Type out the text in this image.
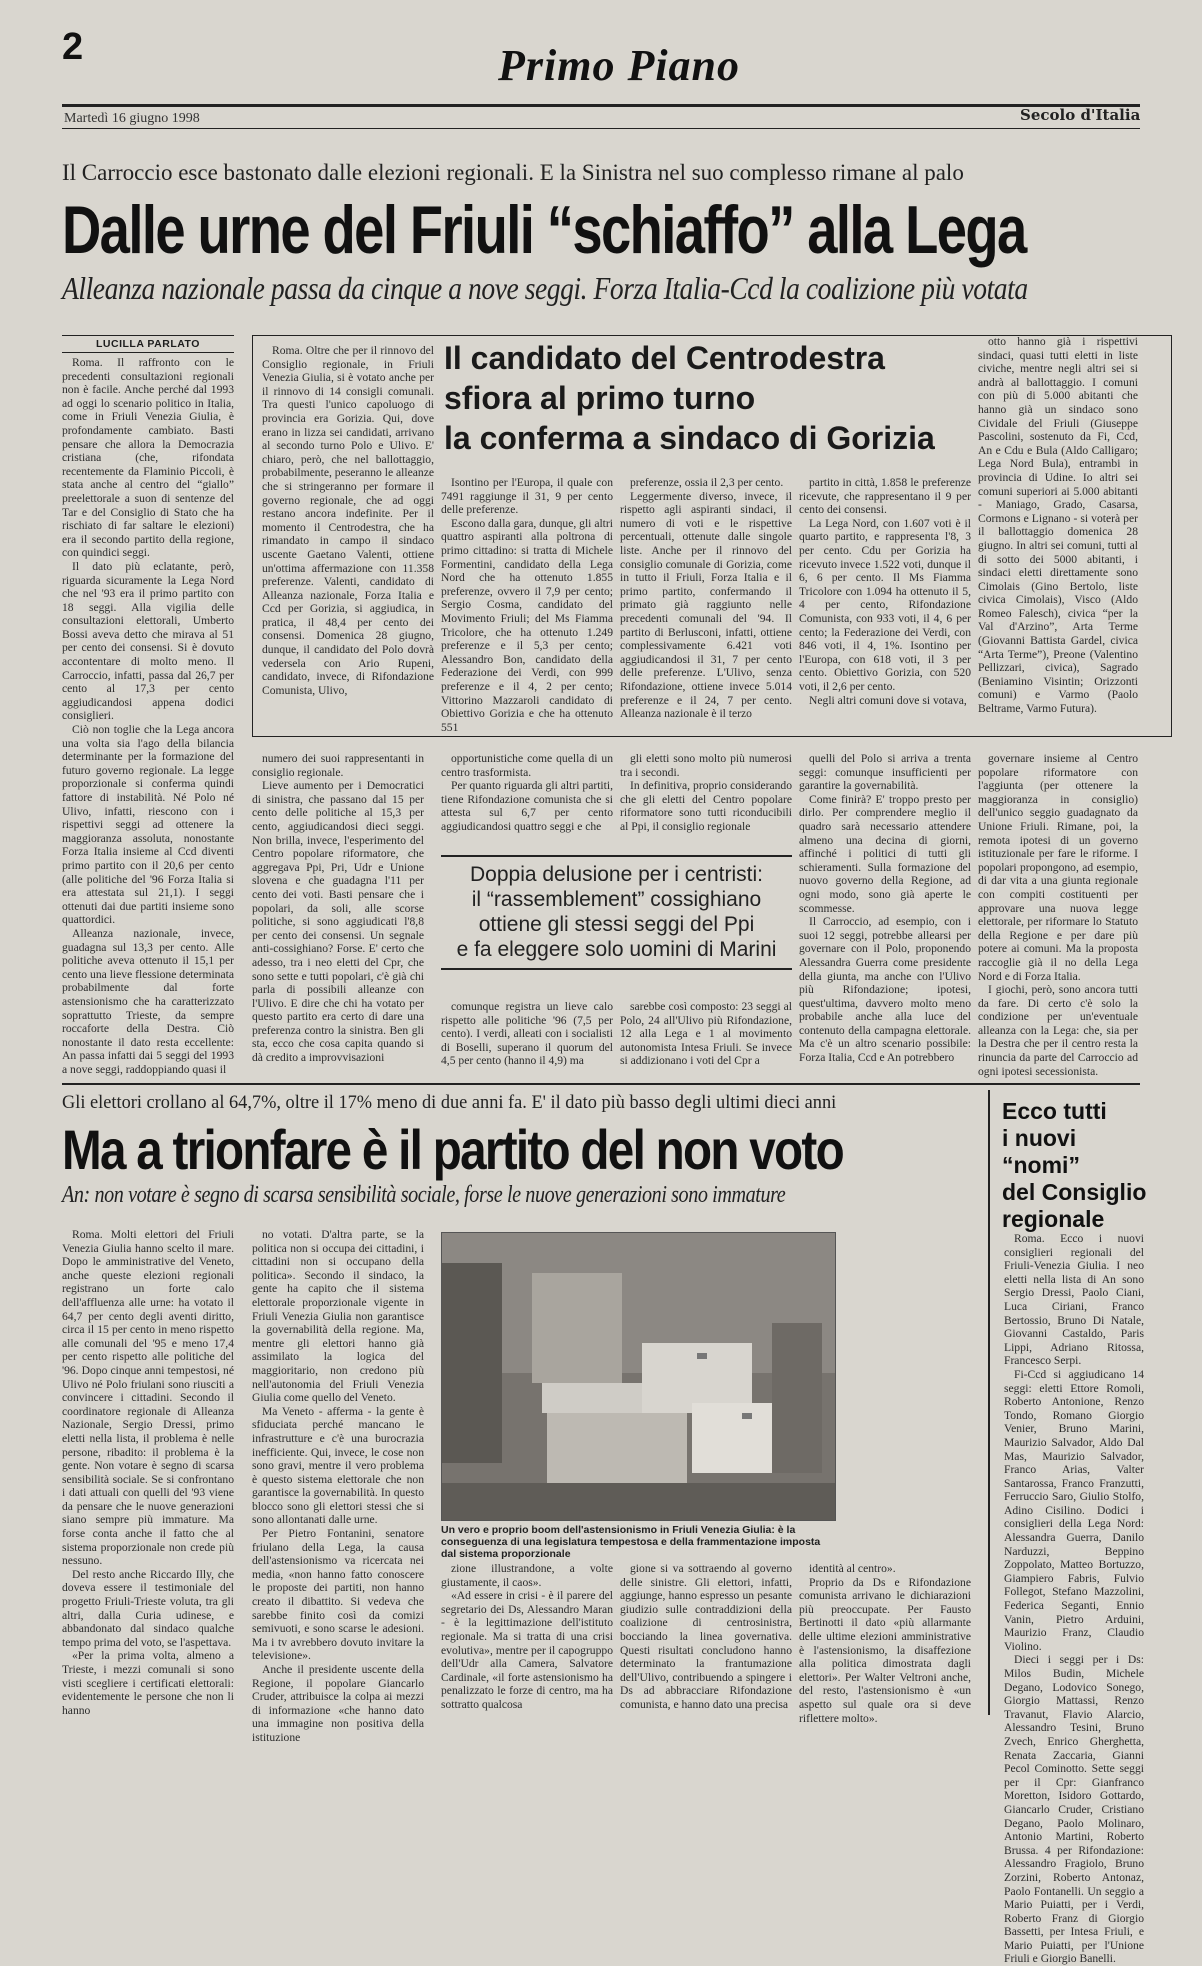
2	Primo Piano
Martedì 16 giugno 1998	Secolo d'Italia
Il Carroccio esce bastonato dalle elezioni regionali. E la Sinistra nel suo complesso rimane al palo
Dalle urne del Friuli “schiaffo” alla Lega
Alleanza nazionale passa da cinque a nove seggi. Forza Italia-Ccd la coalizione più votata
LUCILLA PARLATO

Roma. Il raffronto con le precedenti consultazioni regionali non è facile. Anche perché dal 1993 ad oggi lo scenario politico in Italia, come in Friuli Venezia Giulia, è profondamente cambiato. Basti pensare che allora la Democrazia cristiana (che, rifondata recentemente da Flaminio Piccoli, è stata anche al centro del “giallo” preelettorale a suon di sentenze del Tar e del Consiglio di Stato che ha rischiato di far saltare le elezioni) era il secondo partito della regione, con quindici seggi.

Il dato più eclatante, però, riguarda sicuramente la Lega Nord che nel '93 era il primo partito con 18 seggi. Alla vigilia delle consultazioni elettorali, Umberto Bossi aveva detto che mirava al 51 per cento dei consensi. Si è dovuto accontentare di molto meno. Il Carroccio, infatti, passa dal 26,7 per cento al 17,3 per cento aggiudicandosi appena dodici consiglieri.

Ciò non toglie che la Lega ancora una volta sia l'ago della bilancia determinante per la formazione del futuro governo regionale. La legge proporzionale si conferma quindi fattore di instabilità. Né Polo né Ulivo, infatti, riescono con i rispettivi seggi ad ottenere la maggioranza assoluta, nonostante Forza Italia insieme al Ccd diventi primo partito con il 20,6 per cento (alle politiche del '96 Forza Italia si era attestata sul 21,1). I seggi ottenuti dai due partiti insieme sono quattordici.

Alleanza nazionale, invece, guadagna sul 13,3 per cento. Alle politiche aveva ottenuto il 15,1 per cento una lieve flessione determinata probabilmente dal forte astensionismo che ha caratterizzato soprattutto Trieste, da sempre roccaforte della Destra. Ciò nonostante il dato resta eccellente: An passa infatti dai 5 seggi del 1993 a nove seggi, raddoppiando quasi il

Il candidato del Centrodestra
sfiora al primo turno
la conferma a sindaco di Gorizia

Roma. Oltre che per il rinnovo del Consiglio regionale, in Friuli Venezia Giulia, si è votato anche per il rinnovo di 14 consigli comunali. Tra questi l'unico capoluogo di provincia era Gorizia. Qui, dove erano in lizza sei candidati, arrivano al secondo turno Polo e Ulivo. E' chiaro, però, che nel ballottaggio, probabilmente, peseranno le alleanze che si stringeranno per formare il governo regionale, che ad oggi restano ancora indefinite. Per il momento il Centrodestra, che ha rimandato in campo il sindaco uscente Gaetano Valenti, ottiene un'ottima affermazione con 11.358 preferenze. Valenti, candidato di Alleanza nazionale, Forza Italia e Ccd per Gorizia, si aggiudica, in pratica, il 48,4 per cento dei consensi. Domenica 28 giugno, dunque, il candidato del Polo dovrà vedersela con Ario Rupeni, candidato, invece, di Rifondazione Comunista, Ulivo,

Isontino per l'Europa, il quale con 7491 raggiunge il 31, 9 per cento delle preferenze.

Escono dalla gara, dunque, gli altri quattro aspiranti alla poltrona di primo cittadino: si tratta di Michele Formentini, candidato della Lega Nord che ha ottenuto 1.855 preferenze, ovvero il 7,9 per cento; Sergio Cosma, candidato del Movimento Friuli; del Ms Fiamma Tricolore, che ha ottenuto 1.249 preferenze e il 5,3 per cento; Alessandro Bon, candidato della Federazione dei Verdi, con 999 preferenze e il 4, 2 per cento; Vittorino Mazzaroli candidato di Obiettivo Gorizia e che ha ottenuto 551

preferenze, ossia il 2,3 per cento.

Leggermente diverso, invece, il rispetto agli aspiranti sindaci, il numero di voti e le rispettive percentuali, ottenute dalle singole liste. Anche per il rinnovo del consiglio comunale di Gorizia, come in tutto il Friuli, Forza Italia e il primo partito, confermando il primato già raggiunto nelle precedenti comunali del '94. Il partito di Berlusconi, infatti, ottiene complessivamente 6.421 voti aggiudicandosi il 31, 7 per cento delle preferenze. L'Ulivo, senza Rifondazione, ottiene invece 5.014 preferenze e il 24, 7 per cento. Alleanza nazionale è il terzo

partito in città, 1.858 le preferenze ricevute, che rappresentano il 9 per cento dei consensi.

La Lega Nord, con 1.607 voti è il quarto partito, e rappresenta l'8, 3 per cento. Cdu per Gorizia ha ricevuto invece 1.522 voti, dunque il 6, 6 per cento. Il Ms Fiamma Tricolore con 1.094 ha ottenuto il 5, 4 per cento, Rifondazione Comunista, con 933 voti, il 4, 6 per cento; la Federazione dei Verdi, con 846 voti, il 4, 1%. Isontino per l'Europa, con 618 voti, il 3 per cento. Obiettivo Gorizia, con 520 voti, il 2,6 per cento.

Negli altri comuni dove si votava,

otto hanno già i rispettivi sindaci, quasi tutti eletti in liste civiche, mentre negli altri sei si andrà al ballottaggio. I comuni con più di 5.000 abitanti che hanno già un sindaco sono Cividale del Friuli (Giuseppe Pascolini, sostenuto da Fi, Ccd, An e Cdu e Bula (Aldo Calligaro; Lega Nord Bula), entrambi in provincia di Udine. Io altri sei comuni superiori ai 5.000 abitanti - Maniago, Grado, Casarsa, Cormons e Lignano - si voterà per il ballottaggio domenica 28 giugno. In altri sei comuni, tutti al di sotto dei 5000 abitanti, i sindaci eletti direttamente sono Cimolais (Gino Bertolo, liste civica Cimolais), Visco (Aldo Romeo Falesch), civica “per la Val d'Arzino”, Arta Terme (Giovanni Battista Gardel, civica “Arta Terme”), Preone (Valentino Pellizzari, civica), Sagrado (Beniamino Visintin; Orizzonti comuni) e Varmo (Paolo Beltrame, Varmo Futura).

numero dei suoi rappresentanti in consiglio regionale.

Lieve aumento per i Democratici di sinistra, che passano dal 15 per cento delle politiche al 15,3 per cento, aggiudicandosi dieci seggi. Non brilla, invece, l'esperimento del Centro popolare riformatore, che aggregava Ppi, Pri, Udr e Unione slovena e che guadagna l'11 per cento dei voti. Basti pensare che i popolari, da soli, alle scorse politiche, si sono aggiudicati l'8,8 per cento dei consensi. Un segnale anti-cossighiano? Forse. E' certo che adesso, tra i neo eletti del Cpr, che sono sette e tutti popolari, c'è già chi parla di possibili alleanze con l'Ulivo. E dire che chi ha votato per questo partito era certo di dare una preferenza contro la sinistra. Ben gli sta, ecco che cosa capita quando si dà credito a improvvisazioni

opportunistiche come quella di un centro trasformista.

Per quanto riguarda gli altri partiti, tiene Rifondazione comunista che si attesta sul 6,7 per cento aggiudicandosi quattro seggi e che

gli eletti sono molto più numerosi tra i secondi.

In definitiva, proprio considerando che gli eletti del Centro popolare riformatore sono tutti riconducibili al Ppi, il consiglio regionale

Doppia delusione per i centristi:
il “rassemblement” cossighiano
ottiene gli stessi seggi del Ppi
e fa eleggere solo uomini di Marini

comunque registra un lieve calo rispetto alle politiche '96 (7,5 per cento). I verdi, alleati con i socialisti di Boselli, superano il quorum del 4,5 per cento (hanno il 4,9) ma

sarebbe così composto: 23 seggi al Polo, 24 all'Ulivo più Rifondazione, 12 alla Lega e 1 al movimento autonomista Intesa Friuli. Se invece si addizionano i voti del Cpr a

quelli del Polo si arriva a trenta seggi: comunque insufficienti per garantire la governabilità.

Come finirà? E' troppo presto per dirlo. Per comprendere meglio il quadro sarà necessario attendere almeno una decina di giorni, affinché i politici di tutti gli schieramenti. Sulla formazione del nuovo governo della Regione, ad ogni modo, sono già aperte le scommesse.

Il Carroccio, ad esempio, con i suoi 12 seggi, potrebbe allearsi per governare con il Polo, proponendo Alessandra Guerra come presidente della giunta, ma anche con l'Ulivo più Rifondazione; ipotesi, quest'ultima, davvero molto meno probabile anche alla luce del contenuto della campagna elettorale. Ma c'è un altro scenario possibile: Forza Italia, Ccd e An potrebbero

governare insieme al Centro popolare riformatore con l'aggiunta (per ottenere la maggioranza in consiglio) dell'unico seggio guadagnato da Unione Friuli. Rimane, poi, la remota ipotesi di un governo istituzionale per fare le riforme. I popolari propongono, ad esempio, di dar vita a una giunta regionale con compiti costituenti per approvare una nuova legge elettorale, per riformare lo Statuto della Regione e per dare più potere ai comuni. Ma la proposta raccoglie già il no della Lega Nord e di Forza Italia.

I giochi, però, sono ancora tutti da fare. Di certo c'è solo la condizione per un'eventuale alleanza con la Lega: che, sia per la Destra che per il centro resta la rinuncia da parte del Carroccio ad ogni ipotesi secessionista.

Gli elettori crollano al 64,7%, oltre il 17% meno di due anni fa. E' il dato più basso degli ultimi dieci anni
Ma a trionfare è il partito del non voto
An: non votare è segno di scarsa sensibilità sociale, forse le nuove generazioni sono immature

Roma. Molti elettori del Friuli Venezia Giulia hanno scelto il mare. Dopo le amministrative del Veneto, anche queste elezioni regionali registrano un forte calo dell'affluenza alle urne: ha votato il 64,7 per cento degli aventi diritto, circa il 15 per cento in meno rispetto alle comunali del '95 e meno 17,4 per cento rispetto alle politiche del '96. Dopo cinque anni tempestosi, né Ulivo né Polo friulani sono riusciti a convincere i cittadini. Secondo il coordinatore regionale di Alleanza Nazionale, Sergio Dressi, primo eletti nella lista, il problema è nelle persone, ribadito: il problema è la gente. Non votare è segno di scarsa sensibilità sociale. Se si confrontano i dati attuali con quelli del '93 viene da pensare che le nuove generazioni siano sempre più immature. Ma forse conta anche il fatto che al sistema proporzionale non crede più nessuno.

Del resto anche Riccardo Illy, che doveva essere il testimoniale del progetto Friuli-Trieste voluta, tra gli altri, dalla Curia udinese, e abbandonato dal sindaco qualche tempo prima del voto, se l'aspettava.

«Per la prima volta, almeno a Trieste, i mezzi comunali si sono visti scegliere i certificati elettorali: evidentemente le persone che non li hanno

no votati. D'altra parte, se la politica non si occupa dei cittadini, i cittadini non si occupano della politica». Secondo il sindaco, la gente ha capito che il sistema elettorale proporzionale vigente in Friuli Venezia Giulia non garantisce la governabilità della regione. Ma, mentre gli elettori hanno già assimilato la logica del maggioritario, non credono più nell'autonomia del Friuli Venezia Giulia come quello del Veneto.

Ma Veneto - afferma - la gente è sfiduciata perché mancano le infrastrutture e c'è una burocrazia inefficiente. Qui, invece, le cose non sono gravi, mentre il vero problema è questo sistema elettorale che non garantisce la governabilità. In questo blocco sono gli elettori stessi che si sono allontanati dalle urne.

Per Pietro Fontanini, senatore friulano della Lega, la causa dell'astensionismo va ricercata nei media, «non hanno fatto conoscere le proposte dei partiti, non hanno creato il dibattito. Si vedeva che sarebbe finito così da comizi semivuoti, e sono scarse le adesioni. Ma i tv avrebbero dovuto invitare la televisione».

Anche il presidente uscente della Regione, il popolare Giancarlo Cruder, attribuisce la colpa ai mezzi di informazione «che hanno dato una immagine non positiva della istituzione

Un vero e proprio boom dell'astensionismo in Friuli Venezia Giulia: è la conseguenza di una legislatura tempestosa e della frammentazione imposta dal sistema proporzionale

zione illustrandone, a volte giustamente, il caos».

«Ad essere in crisi - è il parere del segretario dei Ds, Alessandro Maran - è la legittimazione dell'istituto regionale. Ma si tratta di una crisi evolutiva», mentre per il capogruppo dell'Udr alla Camera, Salvatore Cardinale, «il forte astensionismo ha penalizzato le forze di centro, ma ha sottratto qualcosa

gione si va sottraendo al governo delle sinistre. Gli elettori, infatti, aggiunge, hanno espresso un pesante giudizio sulle contraddizioni della coalizione di centrosinistra, bocciando la linea governativa. Questi risultati concludono hanno determinato la frantumazione dell'Ulivo, contribuendo a spingere i Ds ad abbracciare Rifondazione comunista, e hanno dato una precisa

identità al centro».

Proprio da Ds e Rifondazione comunista arrivano le dichiarazioni più preoccupate. Per Fausto Bertinotti il dato «più allarmante delle ultime elezioni amministrative è l'astensionismo, la disaffezione alla politica dimostrata dagli elettori». Per Walter Veltroni anche, del resto, l'astensionismo è «un aspetto sul quale ora si deve riflettere molto».

Ecco tutti
i nuovi “nomi”
del Consiglio
regionale

Roma. Ecco i nuovi consiglieri regionali del Friuli-Venezia Giulia. I neo eletti nella lista di An sono Sergio Dressi, Paolo Ciani, Luca Ciriani, Franco Bertossio, Bruno Di Natale, Giovanni Castaldo, Paris Lippi, Adriano Ritossa, Francesco Serpi.

Fi-Ccd si aggiudicano 14 seggi: eletti Ettore Romoli, Roberto Antonione, Renzo Tondo, Romano Giorgio Venier, Bruno Marini, Maurizio Salvador, Aldo Dal Mas, Maurizio Salvador, Franco Arias, Valter Santarossa, Franco Franzutti, Ferruccio Saro, Giulio Stolfo, Adino Cisilino. Dodici i consiglieri della Lega Nord: Alessandra Guerra, Danilo Narduzzi, Beppino Zoppolato, Matteo Bortuzzo, Giampiero Fabris, Fulvio Follegot, Stefano Mazzolini, Federica Seganti, Ennio Vanin, Pietro Arduini, Maurizio Franz, Claudio Violino.

Dieci i seggi per i Ds: Milos Budin, Michele Degano, Lodovico Sonego, Giorgio Mattassi, Renzo Travanut, Flavio Alarcio, Alessandro Tesini, Bruno Zvech, Enrico Gherghetta, Renata Zaccaria, Gianni Pecol Cominotto. Sette seggi per il Cpr: Gianfranco Moretton, Isidoro Gottardo, Giancarlo Cruder, Cristiano Degano, Paolo Molinaro, Antonio Martini, Roberto Brussa. 4 per Rifondazione: Alessandro Fragiolo, Bruno Zorzini, Roberto Antonaz, Paolo Fontanelli. Un seggio a Mario Puiatti, per i Verdi, Roberto Franz di Giorgio Bassetti, per Intesa Friuli, e Mario Puiatti, per l'Unione Friuli e Giorgio Banelli.
